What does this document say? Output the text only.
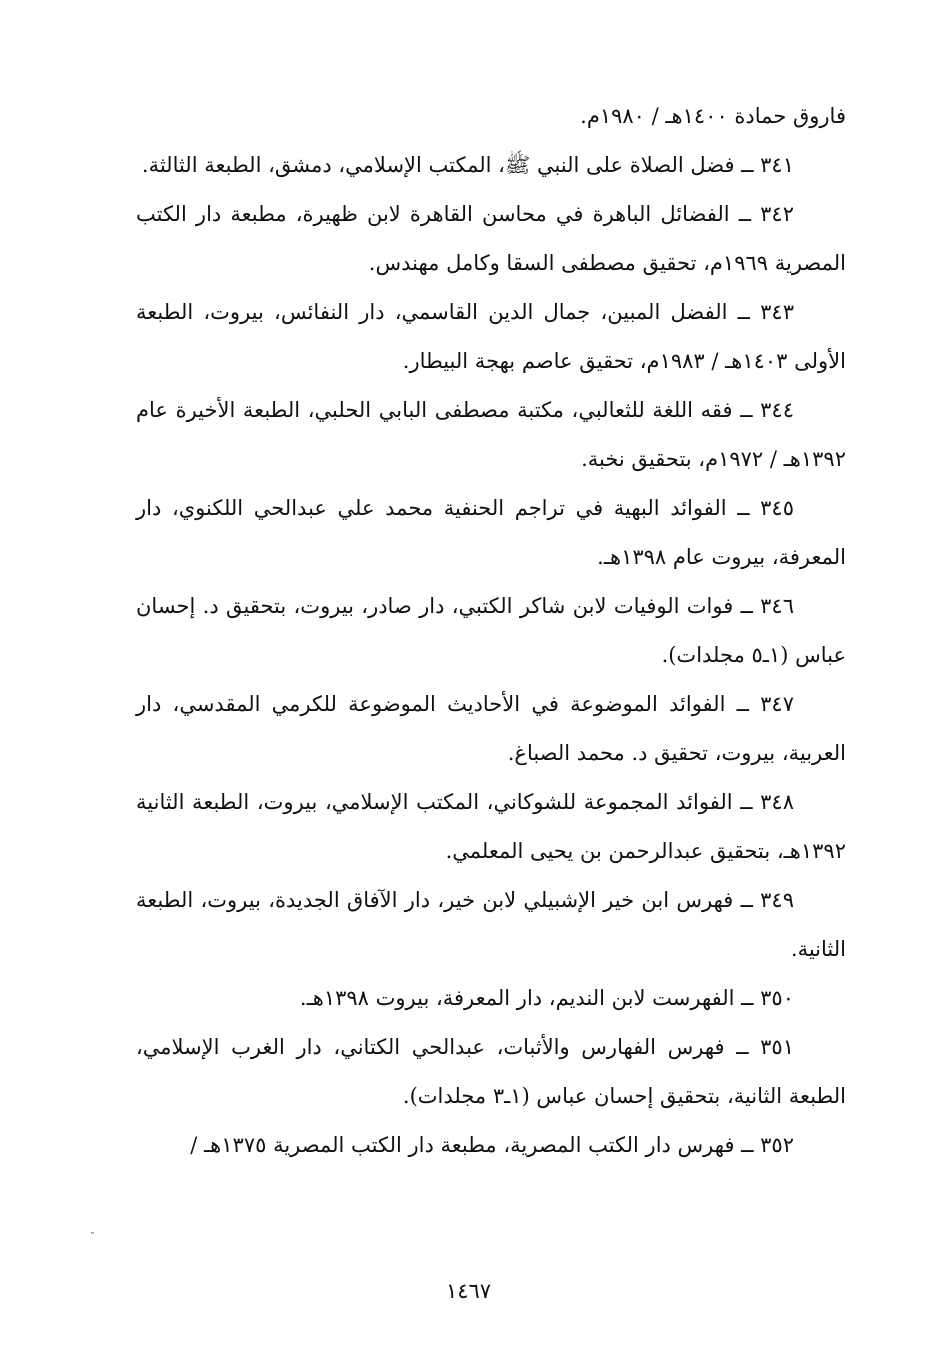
فاروق حمادة ١٤٠٠هـ / ١٩٨٠م.

٣٤١ ــ فضل الصلاة على النبي ﷺ، المكتب الإسلامي، دمشق، الطبعة الثالثة.

٣٤٢ ــ الفضائل الباهرة في محاسن القاهرة لابن ظهيرة، مطبعة دار الكتب المصرية ١٩٦٩م، تحقيق مصطفى السقا وكامل مهندس.

٣٤٣ ــ الفضل المبين، جمال الدين القاسمي، دار النفائس، بيروت، الطبعة الأولى ١٤٠٣هـ / ١٩٨٣م، تحقيق عاصم بهجة البيطار.

٣٤٤ ــ فقه اللغة للثعالبي، مكتبة مصطفى البابي الحلبي، الطبعة الأخيرة عام ١٣٩٢هـ / ١٩٧٢م، بتحقيق نخبة.

٣٤٥ ــ الفوائد البهية في تراجم الحنفية محمد علي عبدالحي اللكنوي، دار المعرفة، بيروت عام ١٣٩٨هـ.

٣٤٦ ــ فوات الوفيات لابن شاكر الكتبي، دار صادر، بيروت، بتحقيق د. إحسان عباس (١ـ٥ مجلدات).

٣٤٧ ــ الفوائد الموضوعة في الأحاديث الموضوعة للكرمي المقدسي، دار العربية، بيروت، تحقيق د. محمد الصباغ.

٣٤٨ ــ الفوائد المجموعة للشوكاني، المكتب الإسلامي، بيروت، الطبعة الثانية ١٣٩٢هـ، بتحقيق عبدالرحمن بن يحيى المعلمي.

٣٤٩ ــ فهرس ابن خير الإشبيلي لابن خير، دار الآفاق الجديدة، بيروت، الطبعة الثانية.

٣٥٠ ــ الفهرست لابن النديم، دار المعرفة، بيروت ١٣٩٨هـ.

٣٥١ ــ فهرس الفهارس والأثبات، عبدالحي الكتاني، دار الغرب الإسلامي، الطبعة الثانية، بتحقيق إحسان عباس (١ـ٣ مجلدات).

٣٥٢ ــ فهرس دار الكتب المصرية، مطبعة دار الكتب المصرية ١٣٧٥هـ /

˜
١٤٦٧
